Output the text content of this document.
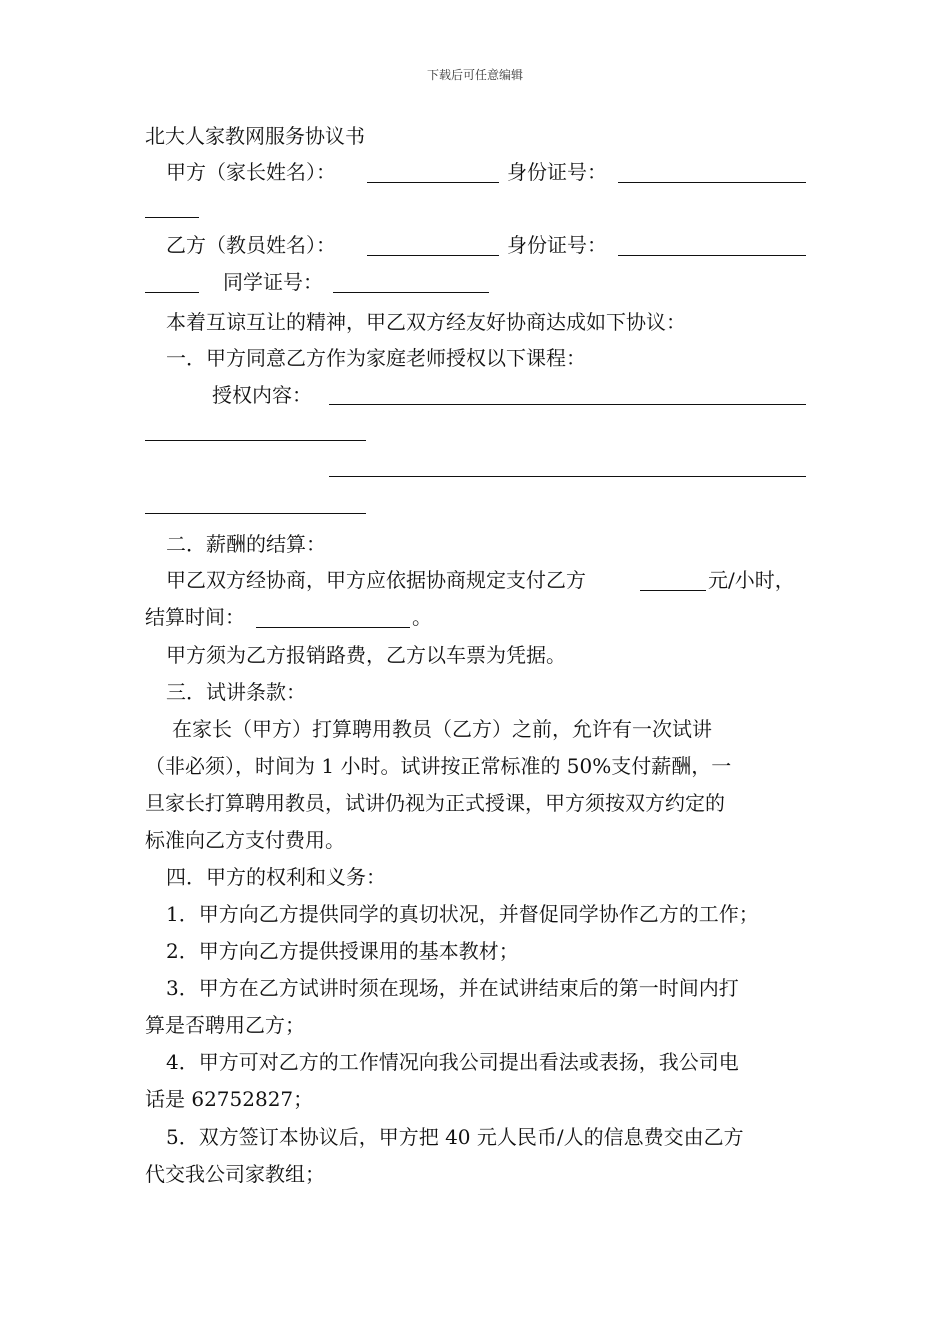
下载后可任意编辑
北大人家教网服务协议书
甲方（家长姓名）：	身份证号：
乙方（教员姓名）：	身份证号：
同学证号：
本着互谅互让的精神，甲乙双方经友好协商达成如下协议：
一．甲方同意乙方作为家庭老师授权以下课程：
授权内容：
二．薪酬的结算：
甲乙双方经协商，甲方应依据协商规定支付乙方	元/小时，
结算时间：	。
甲方须为乙方报销路费，乙方以车票为凭据。
三．试讲条款：
在家长（甲方）打算聘用教员（乙方）之前，允许有一次试讲
（非必须），时间为 1 小时。试讲按正常标准的 50%支付薪酬，一
旦家长打算聘用教员，试讲仍视为正式授课，甲方须按双方约定的
标准向乙方支付费用。
四．甲方的权利和义务：
1．甲方向乙方提供同学的真切状况，并督促同学协作乙方的工作；
2．甲方向乙方提供授课用的基本教材；
3．甲方在乙方试讲时须在现场，并在试讲结束后的第一时间内打
算是否聘用乙方；
4．甲方可对乙方的工作情况向我公司提出看法或表扬，我公司电
话是 62752827；
5．双方签订本协议后，甲方把 40 元人民币/人的信息费交由乙方
代交我公司家教组；
